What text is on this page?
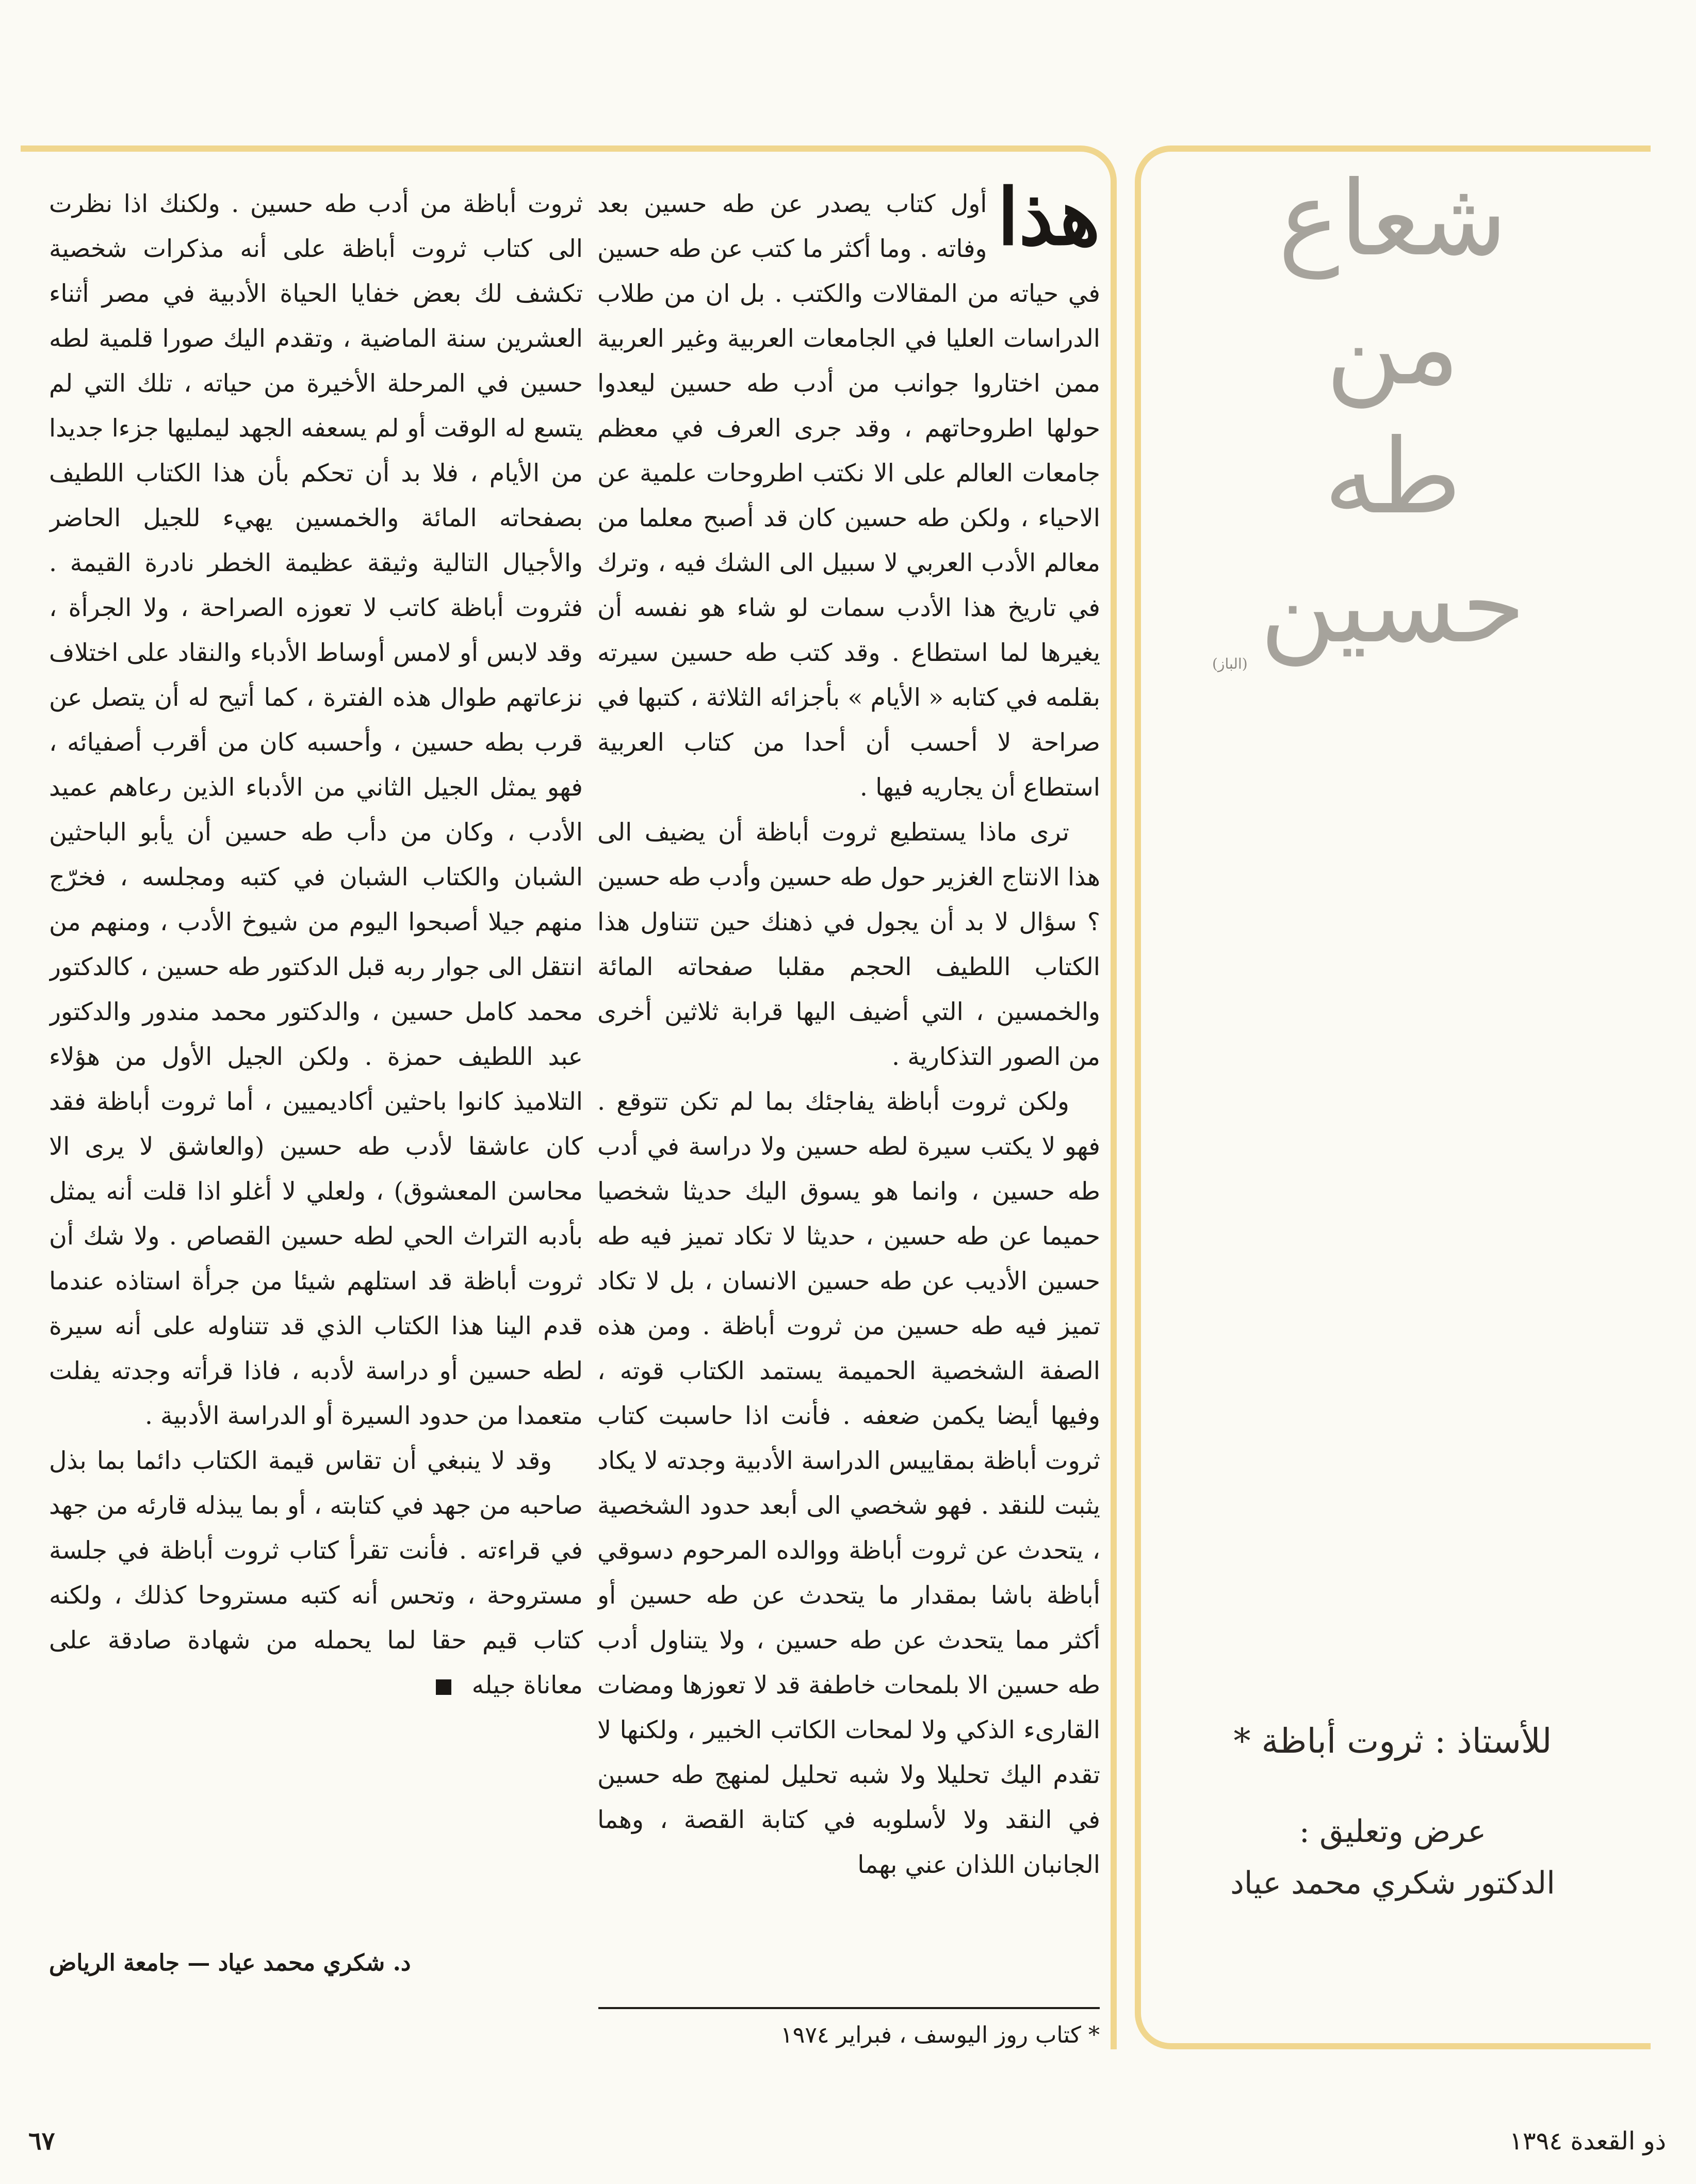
شعاع
من
طه
حسين
(الباز)
للأستاذ : ثروت أباظة *
عرض وتعليق :
الدكتور شكري محمد عياد
هذا

أول كتاب يصدر عن طه حسين بعد وفاته . وما أكثر ما كتب عن طه حسين في حياته من المقالات والكتب . بل ان من طلاب الدراسات العليا في الجامعات العربية وغير العربية ممن اختاروا جوانب من أدب طه حسين ليعدوا حولها اطروحاتهم ، وقد جرى العرف في معظم جامعات العالم على الا نكتب اطروحات علمية عن الاحياء ، ولكن طه حسين كان قد أصبح معلما من معالم الأدب العربي لا سبيل الى الشك فيه ، وترك في تاريخ هذا الأدب سمات لو شاء هو نفسه أن يغيرها لما استطاع . وقد كتب طه حسين سيرته بقلمه في كتابه « الأيام » بأجزائه الثلاثة ، كتبها في صراحة لا أحسب أن أحدا من كتاب العربية استطاع أن يجاريه فيها .

ترى ماذا يستطيع ثروت أباظة أن يضيف الى هذا الانتاج الغزير حول طه حسين وأدب طه حسين ؟ سؤال لا بد أن يجول في ذهنك حين تتناول هذا الكتاب اللطيف الحجم مقلبا صفحاته المائة والخمسين ، التي أضيف اليها قرابة ثلاثين أخرى من الصور التذكارية .

ولكن ثروت أباظة يفاجئك بما لم تكن تتوقع . فهو لا يكتب سيرة لطه حسين ولا دراسة في أدب طه حسين ، وانما هو يسوق اليك حديثا شخصيا حميما عن طه حسين ، حديثا لا تكاد تميز فيه طه حسين الأديب عن طه حسين الانسان ، بل لا تكاد تميز فيه طه حسين من ثروت أباظة . ومن هذه الصفة الشخصية الحميمة يستمد الكتاب قوته ، وفيها أيضا يكمن ضعفه . فأنت اذا حاسبت كتاب ثروت أباظة بمقاييس الدراسة الأدبية وجدته لا يكاد يثبت للنقد . فهو شخصي الى أبعد حدود الشخصية ، يتحدث عن ثروت أباظة ووالده المرحوم دسوقي أباظة باشا بمقدار ما يتحدث عن طه حسين أو أكثر مما يتحدث عن طه حسين ، ولا يتناول أدب طه حسين الا بلمحات خاطفة قد لا تعوزها ومضات القارىء الذكي ولا لمحات الكاتب الخبير ، ولكنها لا تقدم اليك تحليلا ولا شبه تحليل لمنهج طه حسين في النقد ولا لأسلوبه في كتابة القصة ، وهما الجانبان اللذان عني بهما

ثروت أباظة من أدب طه حسين . ولكنك اذا نظرت الى كتاب ثروت أباظة على أنه مذكرات شخصية تكشف لك بعض خفايا الحياة الأدبية في مصر أثناء العشرين سنة الماضية ، وتقدم اليك صورا قلمية لطه حسين في المرحلة الأخيرة من حياته ، تلك التي لم يتسع له الوقت أو لم يسعفه الجهد ليمليها جزءا جديدا من الأيام ، فلا بد أن تحكم بأن هذا الكتاب اللطيف بصفحاته المائة والخمسين يهيء للجيل الحاضر والأجيال التالية وثيقة عظيمة الخطر نادرة القيمة . فثروت أباظة كاتب لا تعوزه الصراحة ، ولا الجرأة ، وقد لابس أو لامس أوساط الأدباء والنقاد على اختلاف نزعاتهم طوال هذه الفترة ، كما أتيح له أن يتصل عن قرب بطه حسين ، وأحسبه كان من أقرب أصفيائه ، فهو يمثل الجيل الثاني من الأدباء الذين رعاهم عميد الأدب ، وكان من دأب طه حسين أن يأبو الباحثين الشبان والكتاب الشبان في كتبه ومجلسه ، فخرّج منهم جيلا أصبحوا اليوم من شيوخ الأدب ، ومنهم من انتقل الى جوار ربه قبل الدكتور طه حسين ، كالدكتور محمد كامل حسين ، والدكتور محمد مندور والدكتور عبد اللطيف حمزة . ولكن الجيل الأول من هؤلاء التلاميذ كانوا باحثين أكاديميين ، أما ثروت أباظة فقد كان عاشقا لأدب طه حسين (والعاشق لا يرى الا محاسن المعشوق) ، ولعلي لا أغلو اذا قلت أنه يمثل بأدبه التراث الحي لطه حسين القصاص . ولا شك أن ثروت أباظة قد استلهم شيئا من جرأة استاذه عندما قدم الينا هذا الكتاب الذي قد تتناوله على أنه سيرة لطه حسين أو دراسة لأدبه ، فاذا قرأته وجدته يفلت متعمدا من حدود السيرة أو الدراسة الأدبية .

وقد لا ينبغي أن تقاس قيمة الكتاب دائما بما بذل صاحبه من جهد في كتابته ، أو بما يبذله قارئه من جهد في قراءته . فأنت تقرأ كتاب ثروت أباظة في جلسة مستروحة ، وتحس أنه كتبه مستروحا كذلك ، ولكنه كتاب قيم حقا لما يحمله من شهادة صادقة على معاناة جيله

د. شكري محمد عياد — جامعة الرياض
* كتاب روز اليوسف ، فبراير ١٩٧٤
ذو القعدة ١٣٩٤
٦٧
